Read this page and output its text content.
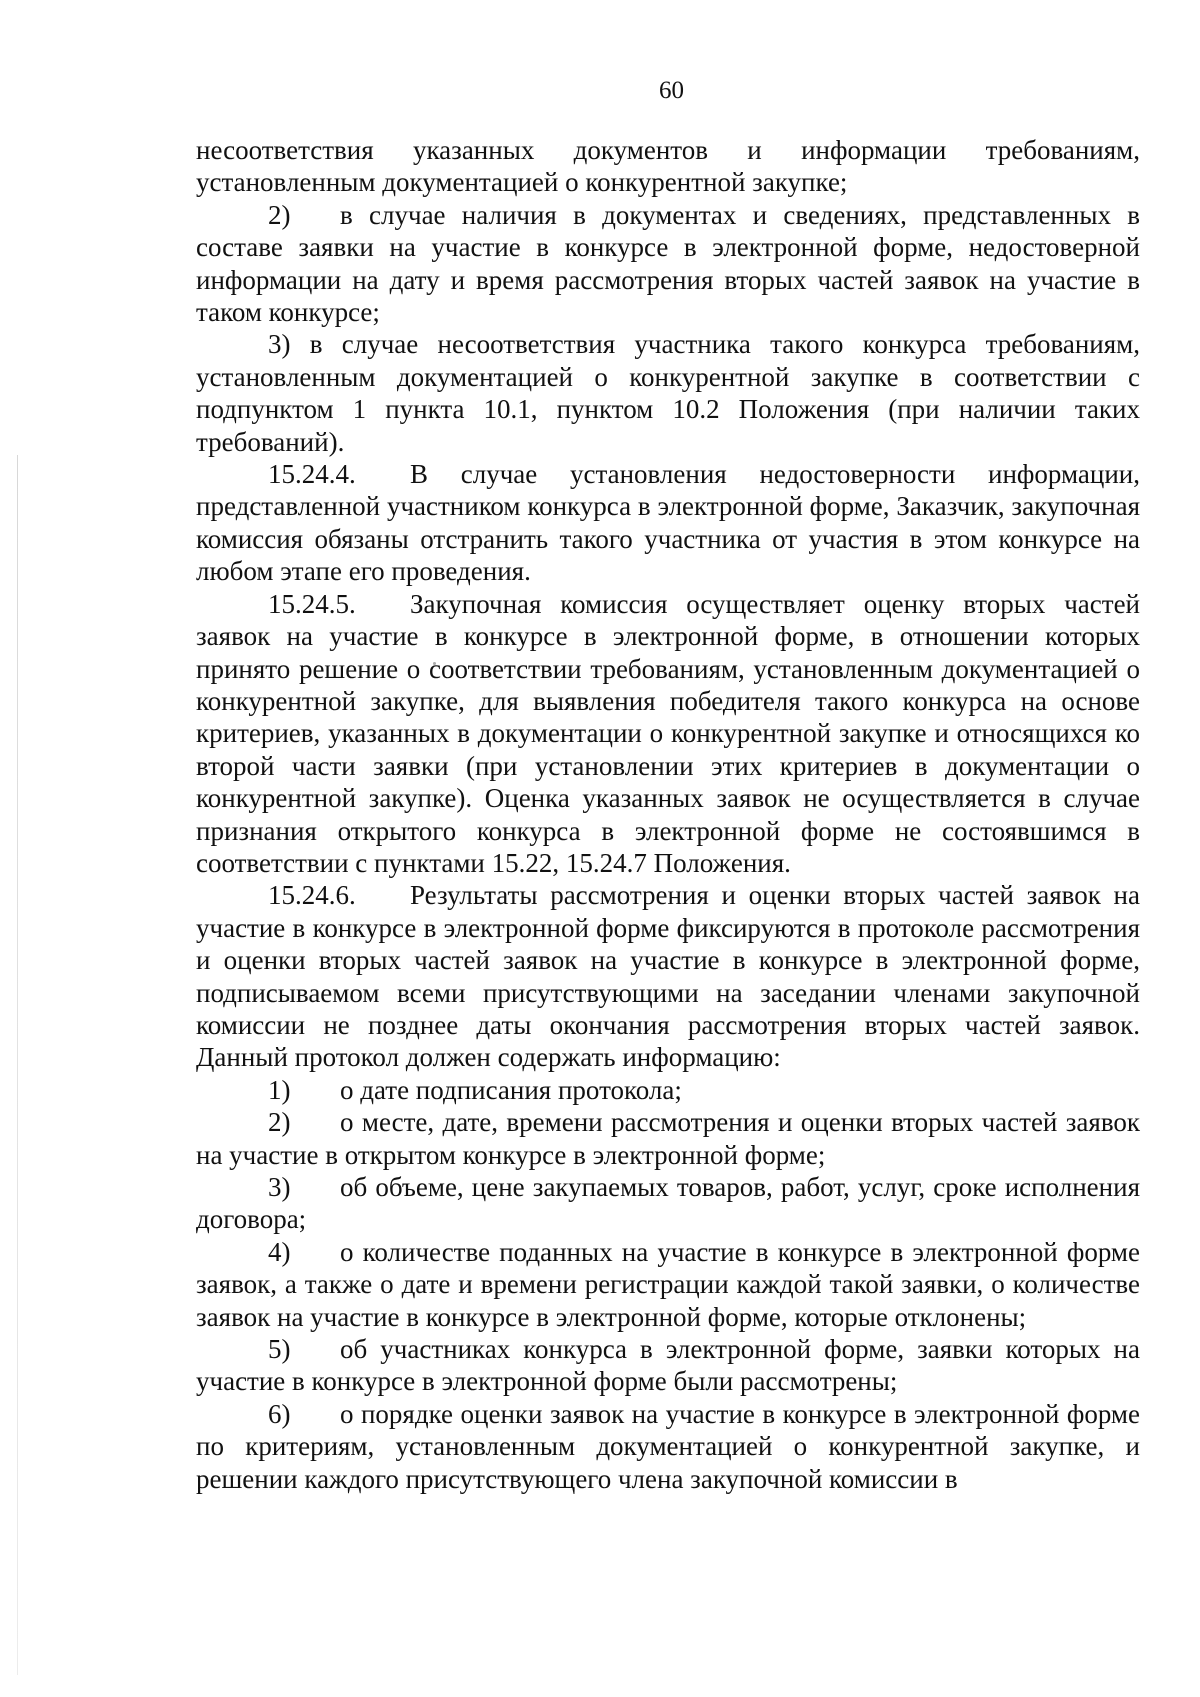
60

несоответствия указанных документов и информации требованиям, установленным документацией о конкурентной закупке;

2) в случае наличия в документах и сведениях, представленных в составе заявки на участие в конкурсе в электронной форме, недостоверной информации на дату и время рассмотрения вторых частей заявок на участие в таком конкурсе;

3) в случае несоответствия участника такого конкурса требованиям, установленным документацией о конкурентной закупке в соответствии с подпунктом 1 пункта 10.1, пунктом 10.2 Положения (при наличии таких требований).

15.24.4. В случае установления недостоверности информации, представленной участником конкурса в электронной форме, Заказчик, закупочная комиссия обязаны отстранить такого участника от участия в этом конкурсе на любом этапе его проведения.

15.24.5. Закупочная комиссия осуществляет оценку вторых частей заявок на участие в конкурсе в электронной форме, в отношении которых принято решение о соответствии требованиям, установленным документацией о конкурентной закупке, для выявления победителя такого конкурса на основе критериев, указанных в документации о конкурентной закупке и относящихся ко второй части заявки (при установлении этих критериев в документации о конкурентной закупке). Оценка указанных заявок не осуществляется в случае признания открытого конкурса в электронной форме не состоявшимся в соответствии с пунктами 15.22, 15.24.7 Положения.

15.24.6. Результаты рассмотрения и оценки вторых частей заявок на участие в конкурсе в электронной форме фиксируются в протоколе рассмотрения и оценки вторых частей заявок на участие в конкурсе в электронной форме, подписываемом всеми присутствующими на заседании членами закупочной комиссии не позднее даты окончания рассмотрения вторых частей заявок. Данный протокол должен содержать информацию:

1) о дате подписания протокола;

2) о месте, дате, времени рассмотрения и оценки вторых частей заявок на участие в открытом конкурсе в электронной форме;

3) об объеме, цене закупаемых товаров, работ, услуг, сроке исполнения договора;

4) о количестве поданных на участие в конкурсе в электронной форме заявок, а также о дате и времени регистрации каждой такой заявки, о количестве заявок на участие в конкурсе в электронной форме, которые отклонены;

5) об участниках конкурса в электронной форме, заявки которых на участие в конкурсе в электронной форме были рассмотрены;

6) о порядке оценки заявок на участие в конкурсе в электронной форме по критериям, установленным документацией о конкурентной закупке, и решении каждого присутствующего члена закупочной комиссии в
